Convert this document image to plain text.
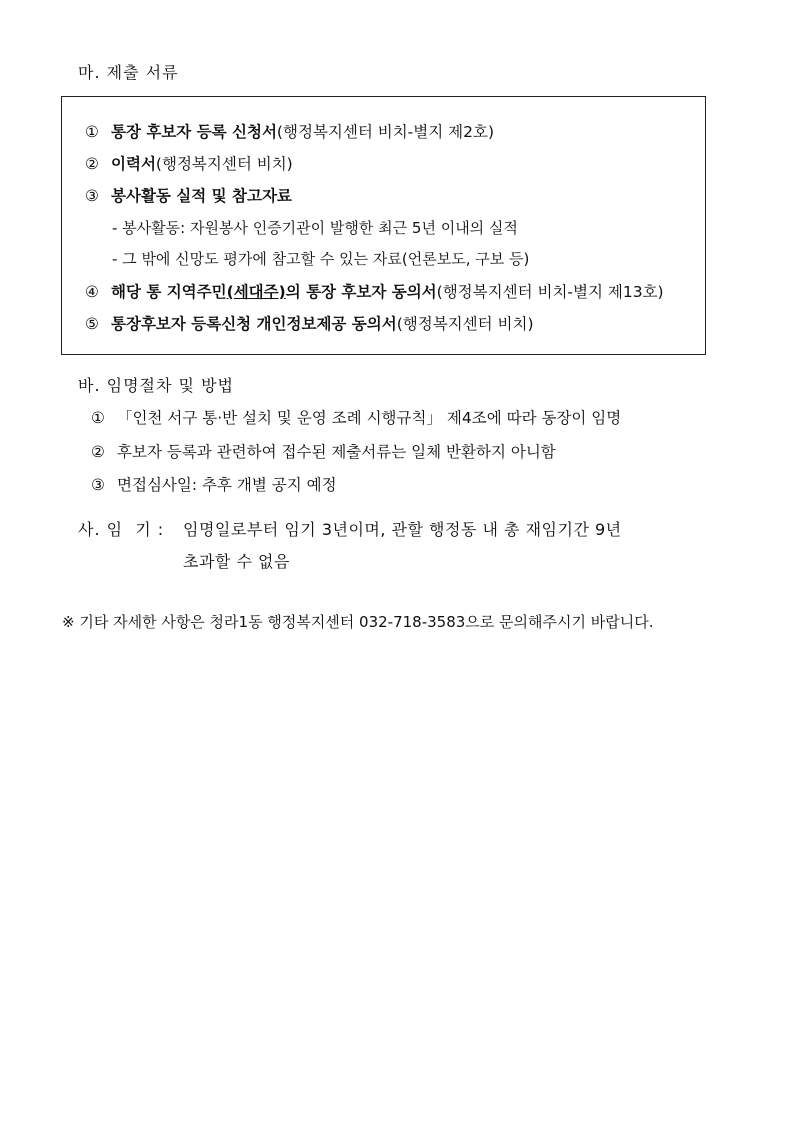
마. 제출 서류
① 통장 후보자 등록 신청서(행정복지센터 비치-별지 제2호)
② 이력서(행정복지센터 비치)
③ 봉사활동 실적 및 참고자료
- 봉사활동: 자원봉사 인증기관이 발행한 최근 5년 이내의 실적
- 그 밖에 신망도 평가에 참고할 수 있는 자료(언론보도, 구보 등)
④ 해당 통 지역주민(세대주)의 통장 후보자 동의서(행정복지센터 비치-별지 제13호)
⑤ 통장후보자 등록신청 개인정보제공 동의서(행정복지센터 비치)
바. 임명절차 및 방법
① 「인천 서구 통·반 설치 및 운영 조례 시행규칙」 제4조에 따라 동장이 임명
② 후보자 등록과 관련하여 접수된 제출서류는 일체 반환하지 아니함
③ 면접심사일: 추후 개별 공지 예정
사. 임  기 : 임명일로부터 임기 3년이며, 관할 행정동 내 총 재임기간 9년
초과할 수 없음
※ 기타 자세한 사항은 청라1동 행정복지센터 032-718-3583으로 문의해주시기 바랍니다.
